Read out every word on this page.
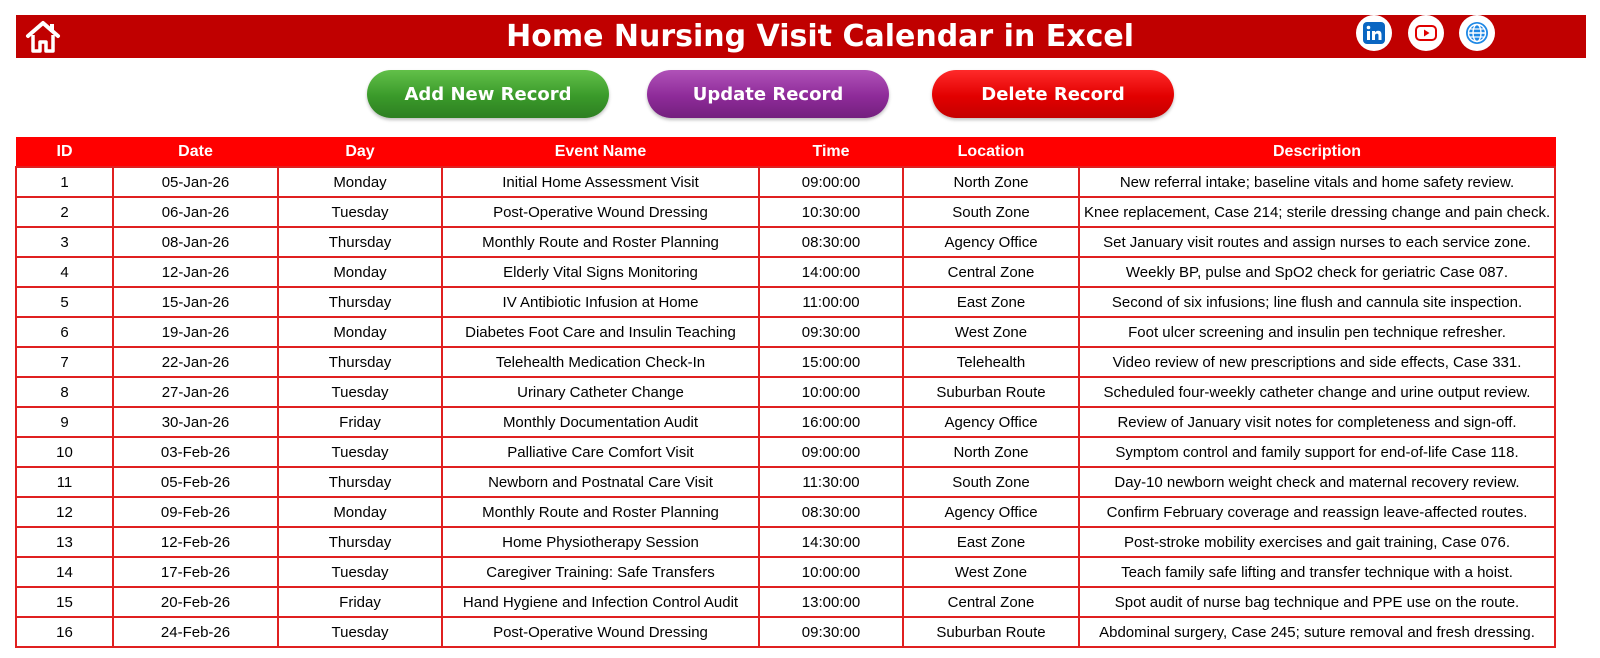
Home Nursing Visit Calendar in Excel
Add New Record	Update Record	Delete Record
ID	Date	Day	Event Name	Time	Location	Description
1	05-Jan-26	Monday	Initial Home Assessment Visit	09:00:00	North Zone	New referral intake; baseline vitals and home safety review.
2	06-Jan-26	Tuesday	Post-Operative Wound Dressing	10:30:00	South Zone	Knee replacement, Case 214; sterile dressing change and pain check.
3	08-Jan-26	Thursday	Monthly Route and Roster Planning	08:30:00	Agency Office	Set January visit routes and assign nurses to each service zone.
4	12-Jan-26	Monday	Elderly Vital Signs Monitoring	14:00:00	Central Zone	Weekly BP, pulse and SpO2 check for geriatric Case 087.
5	15-Jan-26	Thursday	IV Antibiotic Infusion at Home	11:00:00	East Zone	Second of six infusions; line flush and cannula site inspection.
6	19-Jan-26	Monday	Diabetes Foot Care and Insulin Teaching	09:30:00	West Zone	Foot ulcer screening and insulin pen technique refresher.
7	22-Jan-26	Thursday	Telehealth Medication Check-In	15:00:00	Telehealth	Video review of new prescriptions and side effects, Case 331.
8	27-Jan-26	Tuesday	Urinary Catheter Change	10:00:00	Suburban Route	Scheduled four-weekly catheter change and urine output review.
9	30-Jan-26	Friday	Monthly Documentation Audit	16:00:00	Agency Office	Review of January visit notes for completeness and sign-off.
10	03-Feb-26	Tuesday	Palliative Care Comfort Visit	09:00:00	North Zone	Symptom control and family support for end-of-life Case 118.
11	05-Feb-26	Thursday	Newborn and Postnatal Care Visit	11:30:00	South Zone	Day-10 newborn weight check and maternal recovery review.
12	09-Feb-26	Monday	Monthly Route and Roster Planning	08:30:00	Agency Office	Confirm February coverage and reassign leave-affected routes.
13	12-Feb-26	Thursday	Home Physiotherapy Session	14:30:00	East Zone	Post-stroke mobility exercises and gait training, Case 076.
14	17-Feb-26	Tuesday	Caregiver Training: Safe Transfers	10:00:00	West Zone	Teach family safe lifting and transfer technique with a hoist.
15	20-Feb-26	Friday	Hand Hygiene and Infection Control Audit	13:00:00	Central Zone	Spot audit of nurse bag technique and PPE use on the route.
16	24-Feb-26	Tuesday	Post-Operative Wound Dressing	09:30:00	Suburban Route	Abdominal surgery, Case 245; suture removal and fresh dressing.
